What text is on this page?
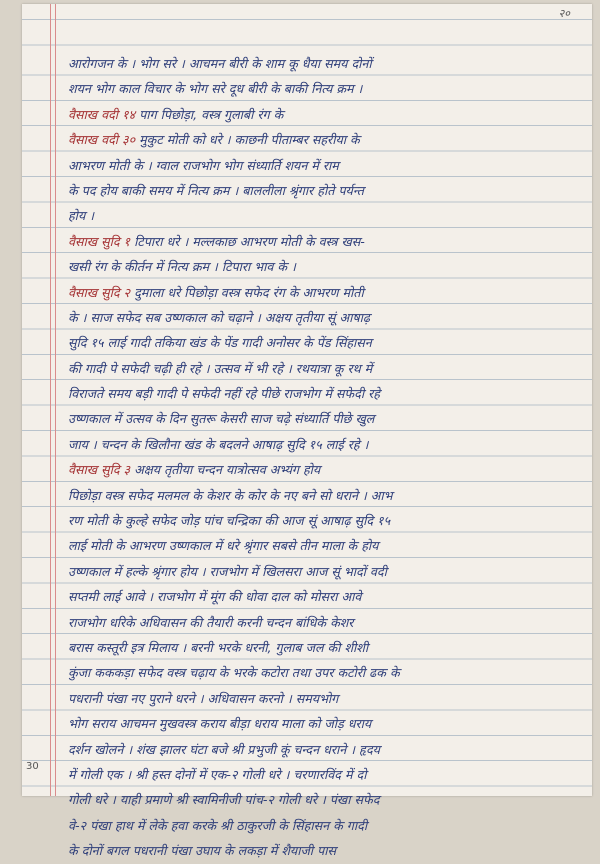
२०
30
आरोगजन के । भोग सरे । आचमन बीरी के शाम कू धैया समय दोनों
शयन भोग काल विचार के भोग सरे दूध बीरी के बाकी नित्य क्रम ।
वैसाख वदी १४ पाग पिछोड़ा, वस्त्र गुलाबी रंग के
वैसाख वदी ३० मुकुट मोती को धरे । काछनी पीताम्बर सहरीया के
आभरण मोती के । ग्वाल राजभोग भोग संध्यार्ति शयन में राम
के पद होय बाकी समय में नित्य क्रम । बाललीला श्रृंगार होते पर्यन्त
होय ।
वैसाख सुदि १ टिपारा धरे । मल्लकाछ आभरण मोती के वस्त्र खस-
खसी रंग के कीर्तन में नित्य क्रम । टिपारा भाव के ।
वैसाख सुदि २ दुमाला धरे पिछोड़ा वस्त्र सफेद रंग के आभरण मोती
के । साज सफेद सब उष्णकाल को चढ़ाने । अक्षय तृतीया सूं आषाढ़
सुदि १५ लाई गादी तकिया खंड के पेंड गादी अनोसर के पेंड सिंहासन
की गादी पे सफेदी चढ़ी ही रहे । उत्सव में भी रहे । रथयात्रा कू रथ में
विराजते समय बड़ी गादी पे सफेदी नहीं रहे पीछे राजभोग में सफेदी रहे
उष्णकाल में उत्सव के दिन सुतरू केसरी साज चढ़े संध्यार्ति पीछे खुल
जाय । चन्दन के खिलौना खंड के बदलने आषाढ़ सुदि १५ लाई रहे ।
वैसाख सुदि ३ अक्षय तृतीया चन्दन यात्रोत्सव अभ्यंग होय
पिछोड़ा वस्त्र सफेद मलमल के केशर के कोर के नए बने सो धराने । आभ
रण मोती के कुल्हे सफेद जोड़ पांच चन्द्रिका की आज सूं आषाढ़ सुदि १५
लाई मोती के आभरण उष्णकाल में धरे श्रृंगार सबसे तीन माला के होय
उष्णकाल में हल्के श्रृंगार होय । राजभोग में खिलसरा आज सूं भादों वदी
सप्तमी लाई आवे । राजभोग में मूंग की धोवा दाल को मोसरा आवे
राजभोग धरिके अधिवासन की तैयारी करनी चन्दन बांधिके केशर
बरास कस्तूरी इत्र मिलाय । बरनी भरके धरनी, गुलाब जल की शीशी
कुंजा कककड़ा सफेद वस्त्र चढ़ाय के भरके कटोरा तथा उपर कटोरी ढक के
पधरानी पंखा नए पुराने धरने । अधिवासन करनो । समयभोग
भोग सराय आचमन मुखवस्त्र कराय बीड़ा धराय माला को जोड़ धराय
दर्शन खोलने । शंख झालर घंटा बजे श्री प्रभुजी कूं चन्दन धराने । हृदय
में गोली एक । श्री हस्त दोनों में एक-२ गोली धरे । चरणारविंद में दो
गोली धरे । याही प्रमाणे श्री स्वामिनीजी पांच-२ गोली धरे । पंखा सफेद
वे-२ पंखा हाथ में लेके हवा करके श्री ठाकुरजी के सिंहासन के गादी
के दोनों बगल पधरानी पंखा उघाय के लकड़ा में शैयाजी पास
